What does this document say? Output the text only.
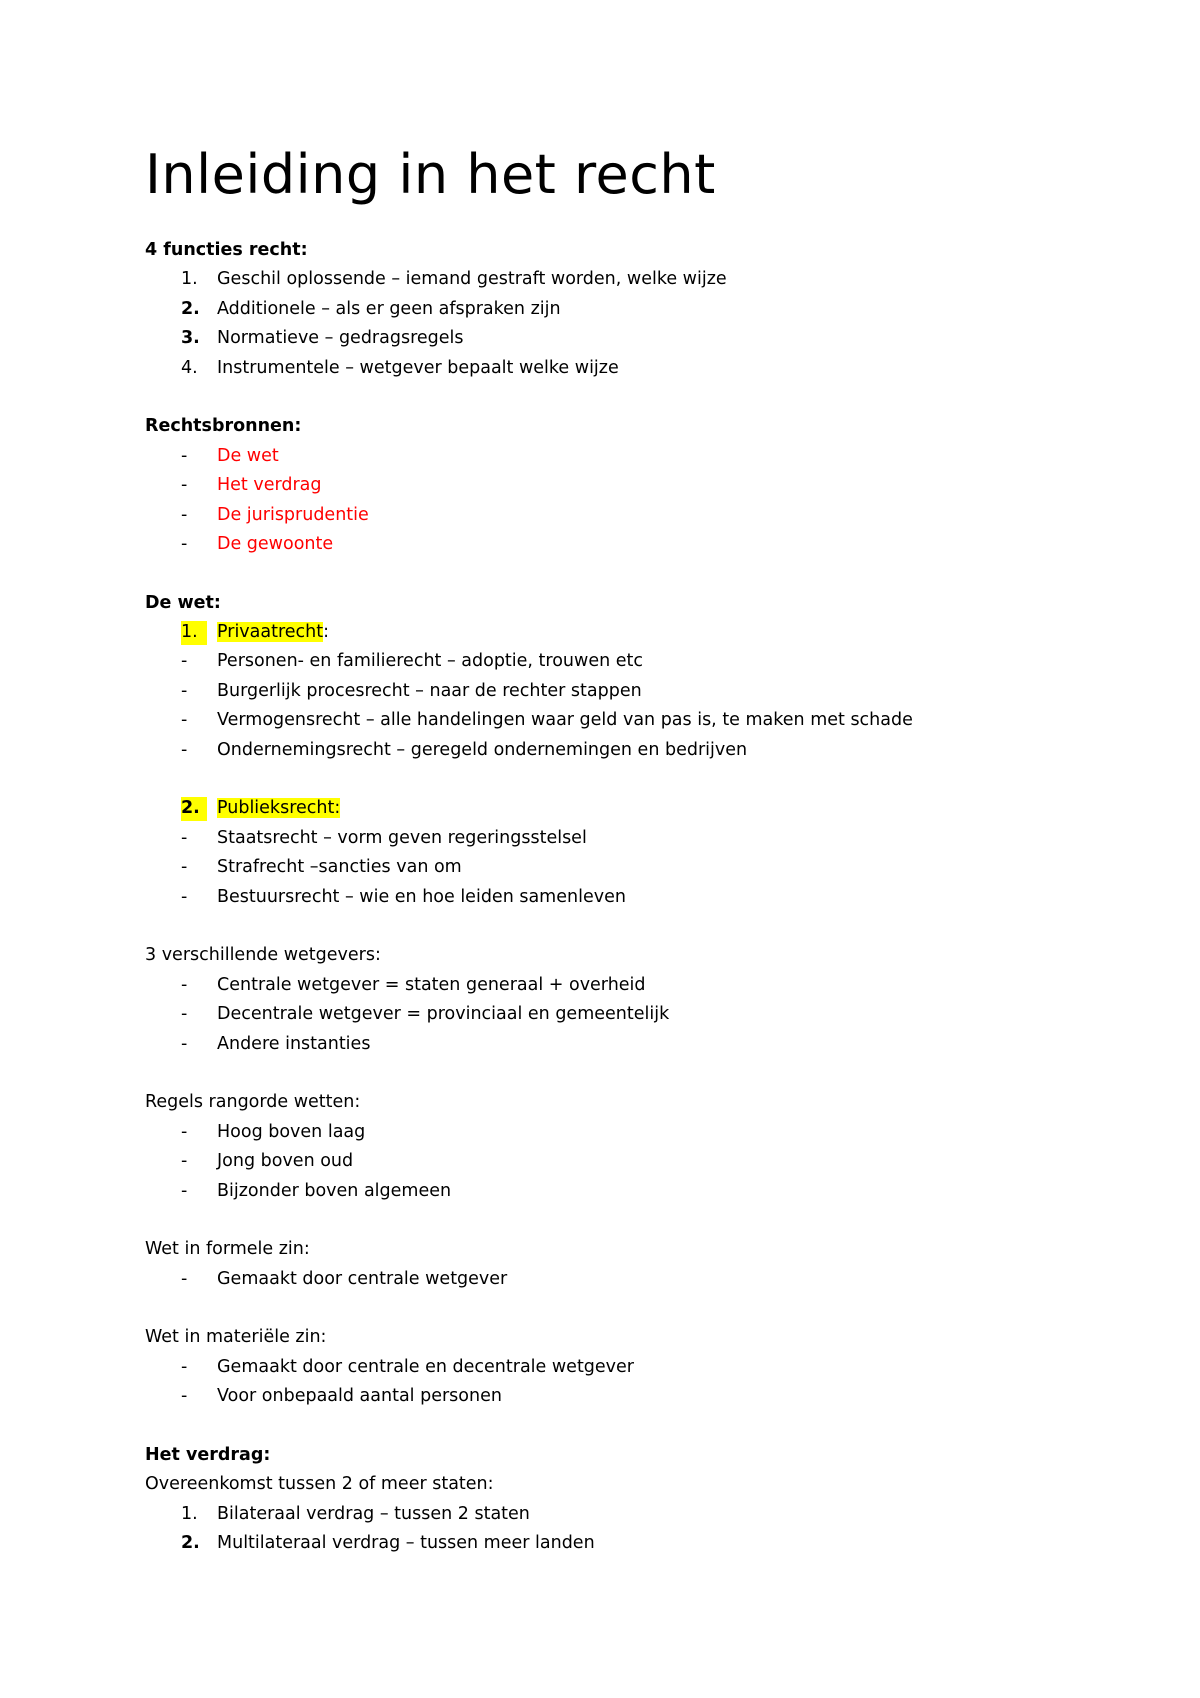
Inleiding in het recht
4 functies recht:
1. Geschil oplossende – iemand gestraft worden, welke wijze
2. Additionele – als er geen afspraken zijn
3. Normatieve – gedragsregels
4. Instrumentele – wetgever bepaalt welke wijze
Rechtsbronnen:
- De wet
- Het verdrag
- De jurisprudentie
- De gewoonte
De wet:
1. Privaatrecht:
- Personen- en familierecht – adoptie, trouwen etc
- Burgerlijk procesrecht – naar de rechter stappen
- Vermogensrecht – alle handelingen waar geld van pas is, te maken met schade
- Ondernemingsrecht – geregeld ondernemingen en bedrijven
2. Publieksrecht:
- Staatsrecht – vorm geven regeringsstelsel
- Strafrecht –sancties van om
- Bestuursrecht – wie en hoe leiden samenleven
3 verschillende wetgevers:
- Centrale wetgever = staten generaal + overheid
- Decentrale wetgever = provinciaal en gemeentelijk
- Andere instanties
Regels rangorde wetten:
- Hoog boven laag
- Jong boven oud
- Bijzonder boven algemeen
Wet in formele zin:
- Gemaakt door centrale wetgever
Wet in materiële zin:
- Gemaakt door centrale en decentrale wetgever
- Voor onbepaald aantal personen
Het verdrag:
Overeenkomst tussen 2 of meer staten:
1. Bilateraal verdrag – tussen 2 staten
2. Multilateraal verdrag – tussen meer landen
